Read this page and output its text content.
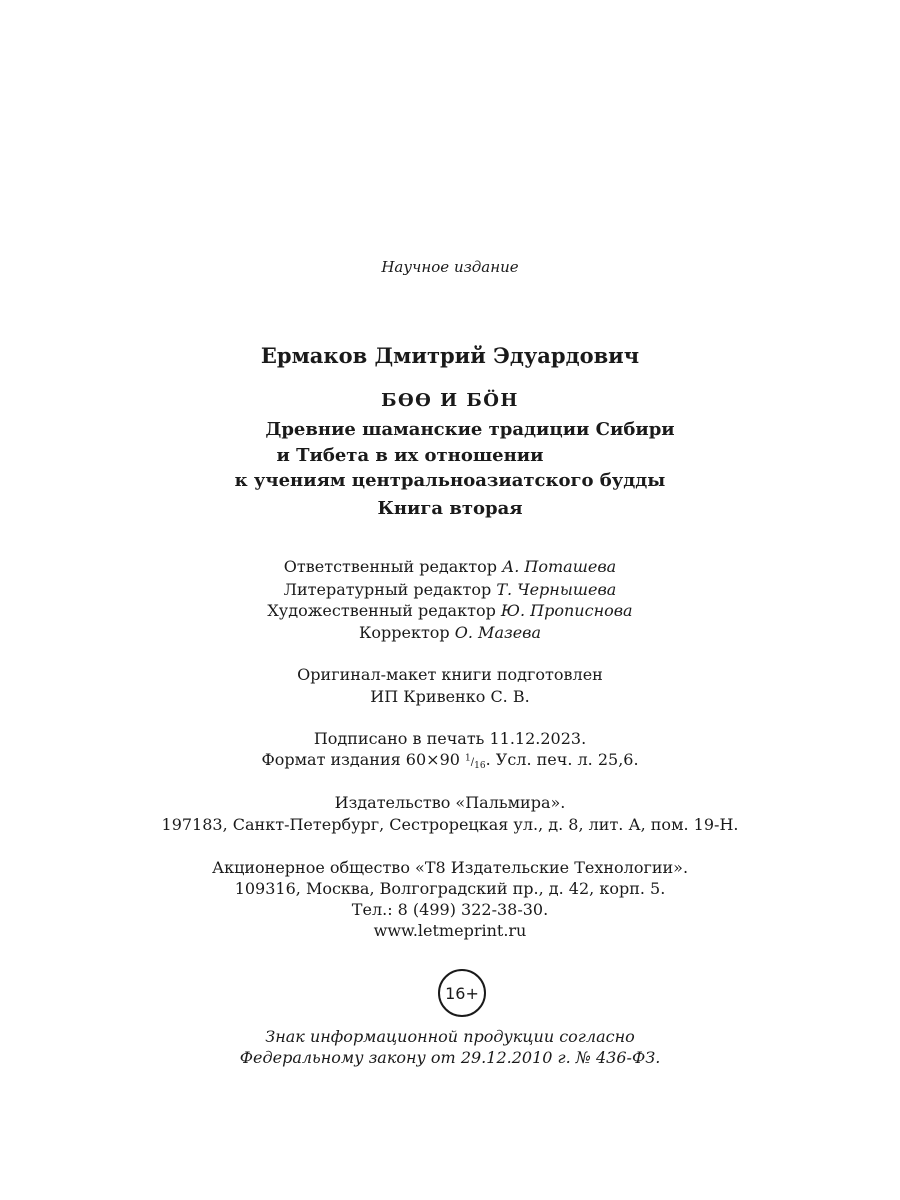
Научное издание
Ермаков Дмитрий Эдуардович
БӨӨ И БӦН
Древние шаманские традиции Сибири
и Тибета в их отношении
к учениям центральноазиатского будды
Книга вторая
Ответственный редактор А. Поташева
Литературный редактор Т. Чернышева
Художественный редактор Ю. Прописнова
Корректор О. Мазева
Оригинал-макет книги подготовлен
ИП Кривенко С. В.
Подписано в печать 11.12.2023.
Формат издания 60×90 $^1/_{16}$. Усл. печ. л. 25,6.
Издательство «Пальмира».
197183, Санкт-Петербург, Сестрорецкая ул., д. 8, лит. А, пом. 19-Н.
Акционерное общество «Т8 Издательские Технологии».
109316, Москва, Волгоградский пр., д. 42, корп. 5.
Тел.: 8 (499) 322-38-30.
www.letmeprint.ru
16+
Знак информационной продукции согласно
Федеральному закону от 29.12.2010 г. № 436-ФЗ.
